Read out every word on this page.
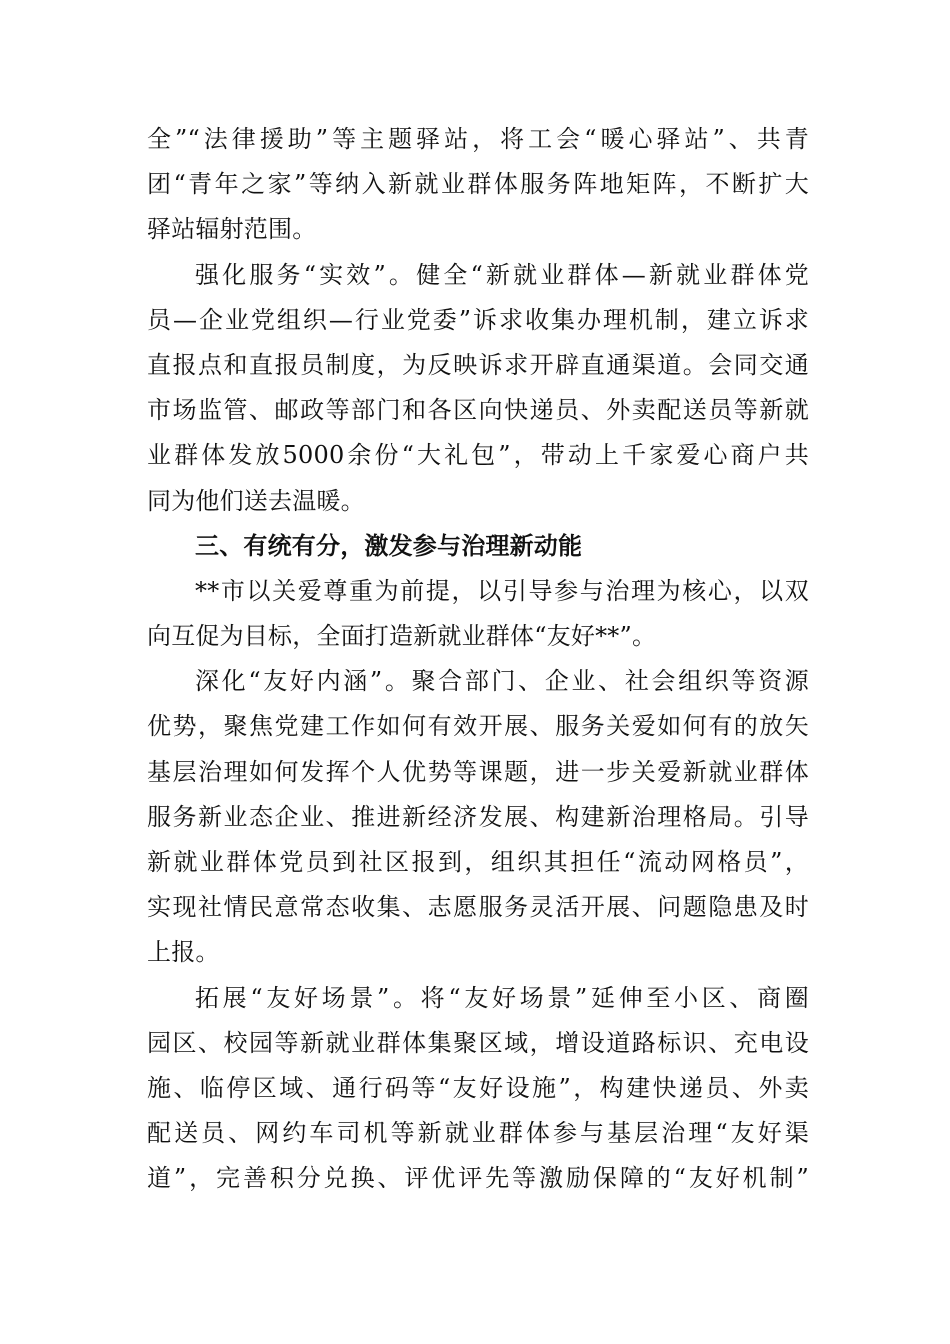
全”“法律援助”等主题驿站，将工会“暖心驿站”、共青
团“青年之家”等纳入新就业群体服务阵地矩阵，不断扩大
驿站辐射范围。
强化服务“实效”。健全“新就业群体—新就业群体党
员—企业党组织—行业党委”诉求收集办理机制，建立诉求
直报点和直报员制度，为反映诉求开辟直通渠道。会同交通
市场监管、邮政等部门和各区向快递员、外卖配送员等新就
业群体发放5000余份“大礼包”，带动上千家爱心商户共
同为他们送去温暖。
三、有统有分，激发参与治理新动能
**市以关爱尊重为前提，以引导参与治理为核心，以双
向互促为目标，全面打造新就业群体“友好**”。
深化“友好内涵”。聚合部门、企业、社会组织等资源
优势，聚焦党建工作如何有效开展、服务关爱如何有的放矢
基层治理如何发挥个人优势等课题，进一步关爱新就业群体
服务新业态企业、推进新经济发展、构建新治理格局。引导
新就业群体党员到社区报到，组织其担任“流动网格员”，
实现社情民意常态收集、志愿服务灵活开展、问题隐患及时
上报。
拓展“友好场景”。将“友好场景”延伸至小区、商圈
园区、校园等新就业群体集聚区域，增设道路标识、充电设
施、临停区域、通行码等“友好设施”，构建快递员、外卖
配送员、网约车司机等新就业群体参与基层治理“友好渠
道”，完善积分兑换、评优评先等激励保障的“友好机制”
